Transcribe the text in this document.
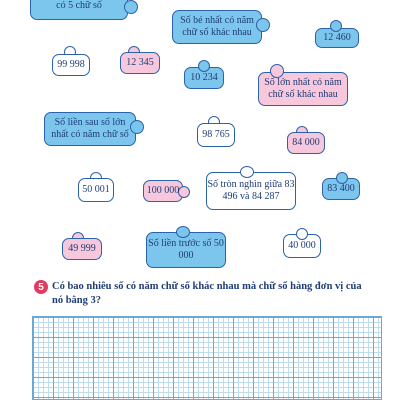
có 5 chữ số
Số bé nhất có năm chữ số khác nhau	12 460
99 998	12 345
10 234	Số lớn nhất có năm chữ số khác nhau
Số liền sau số lớn nhất có năm chữ số	98 765
84 000
50 001	100 000
Số tròn nghìn giữa 83 496 và 84 287
83 400
49 999	Số liền trước số 50 000
40 000
5 Có bao nhiêu số có năm chữ số khác nhau mà chữ số hàng đơn vị của nó bằng 3?
